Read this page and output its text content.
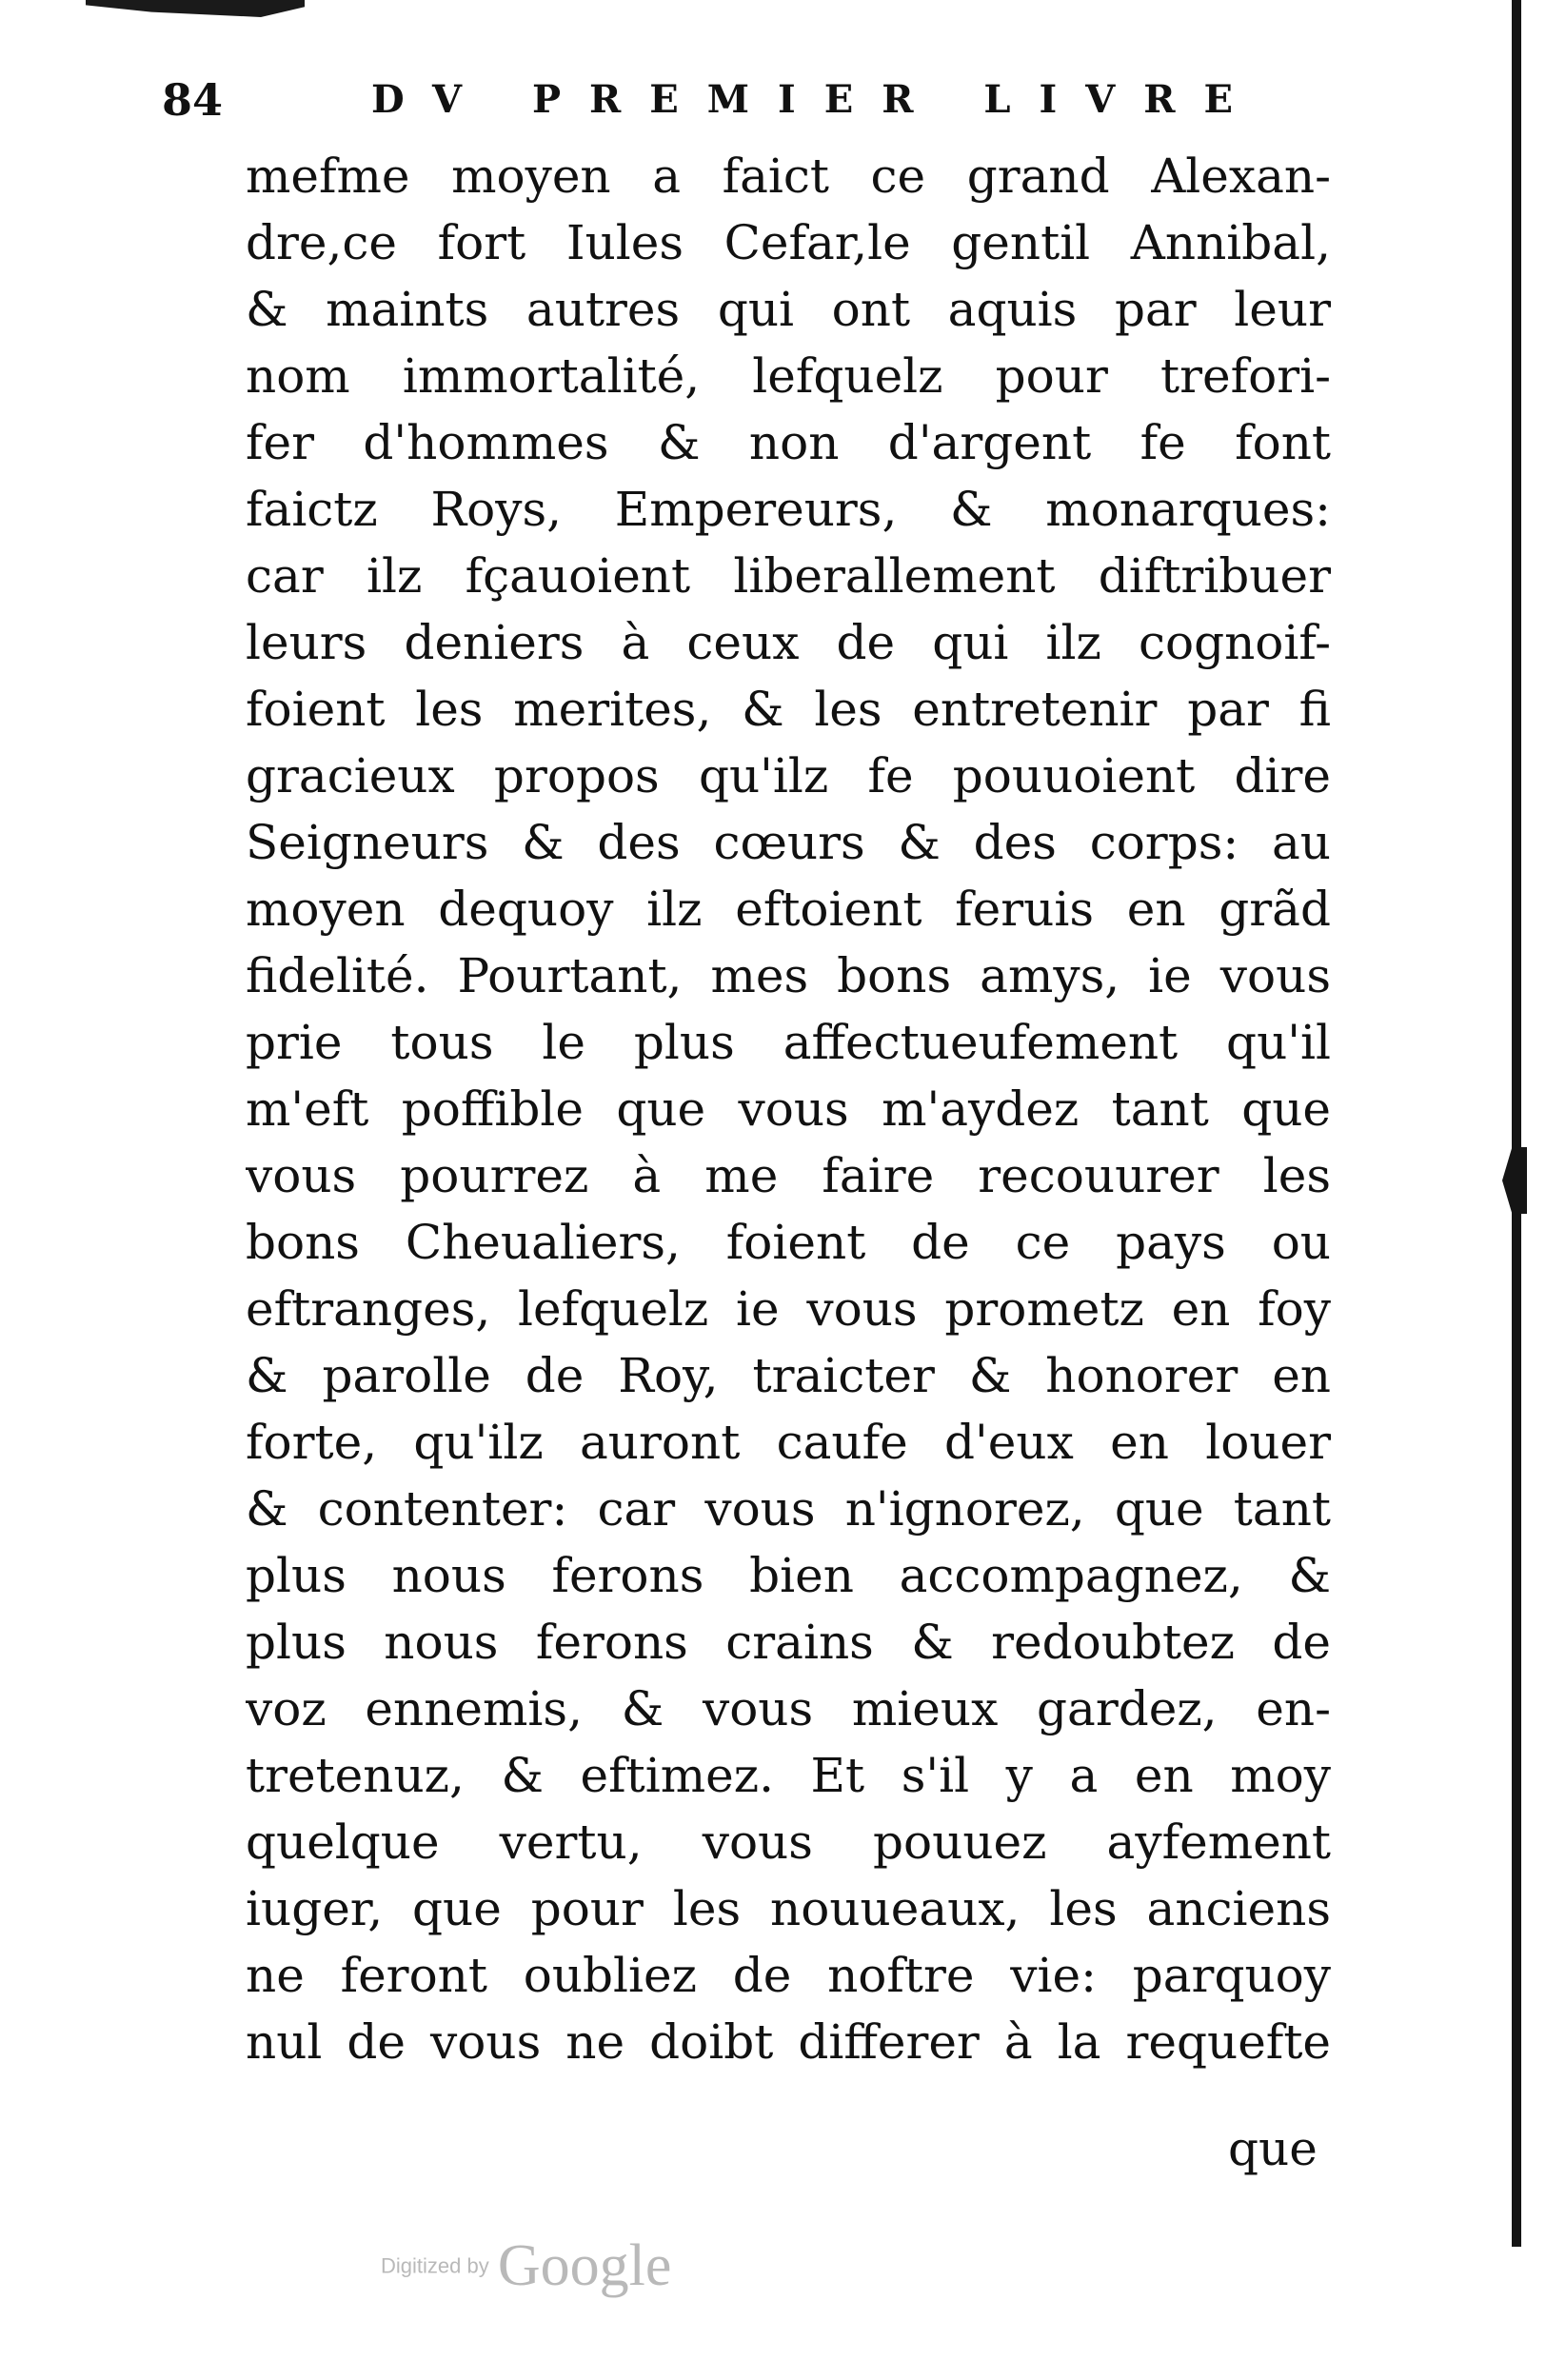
84	DV PREMIER LIVRE
mefme moyen a faict ce grand Alexan-
dre,ce fort Iules Cefar,le gentil Annibal,
& maints autres qui ont aquis par leur
nom immortalité, lefquelz pour trefori-
fer d'hommes & non d'argent fe font
faictz Roys, Empereurs, & monarques:
car ilz fçauoient liberallement diftribuer
leurs deniers à ceux de qui ilz cognoif-
foient les merites, & les entretenir par fi
gracieux propos qu'ilz fe pouuoient dire
Seigneurs & des cœurs & des corps: au
moyen dequoy ilz eftoient feruis en grãd
fidelité. Pourtant, mes bons amys, ie vous
prie tous le plus affectueufement qu'il
m'eft poffible que vous m'aydez tant que
vous pourrez à me faire recouurer les
bons Cheualiers, foient de ce pays ou
eftranges, lefquelz ie vous prometz en foy
& parolle de Roy, traicter & honorer en
forte, qu'ilz auront caufe d'eux en louer
& contenter: car vous n'ignorez, que tant
plus nous ferons bien accompagnez, &
plus nous ferons crains & redoubtez de
voz ennemis, & vous mieux gardez, en-
tretenuz, & eftimez. Et s'il y a en moy
quelque vertu, vous pouuez ayfement
iuger, que pour les nouueaux, les anciens
ne feront oubliez de noftre vie: parquoy
nul de vous ne doibt differer à la requefte
que
Digitized by Google
